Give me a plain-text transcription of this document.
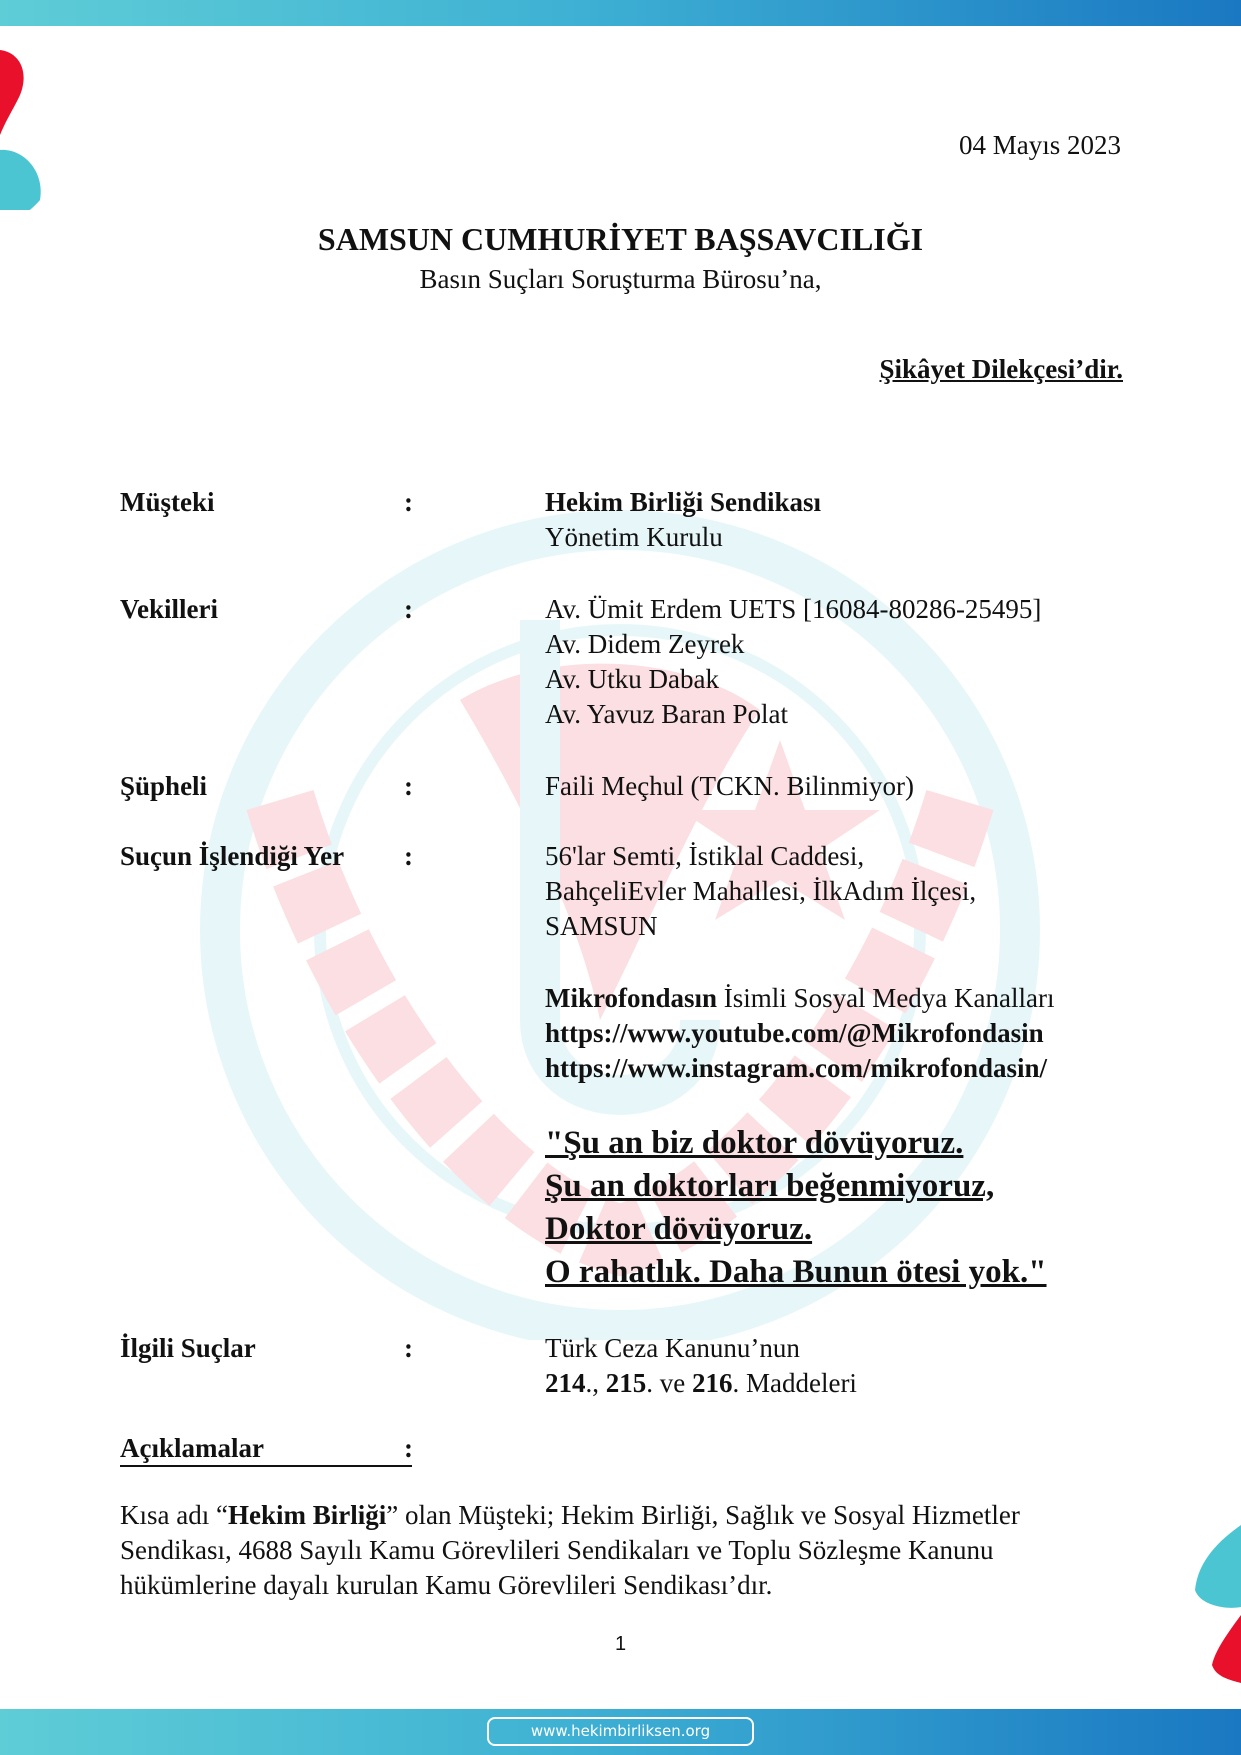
www.hekimbirliksen.org
04 Mayıs 2023
SAMSUN CUMHURİYET BAŞSAVCILIĞI
Basın Suçları Soruşturma Bürosu’na,
Şikâyet Dilekçesi’dir.
Müşteki	:	Hekim Birliği Sendikası
Yönetim Kurulu
Vekilleri	:	Av. Ümit Erdem UETS [16084-80286-25495]
Av. Didem Zeyrek
Av. Utku Dabak
Av. Yavuz Baran Polat
Şüpheli	:	Faili Meçhul (TCKN. Bilinmiyor)
Suçun İşlendiği Yer :	56'lar Semti, İstiklal Caddesi,
BahçeliEvler Mahallesi, İlkAdım İlçesi,
SAMSUN
Mikrofondasın İsimli Sosyal Medya Kanalları
https://www.youtube.com/@Mikrofondasin
https://www.instagram.com/mikrofondasin/
"Şu an biz doktor dövüyoruz.
Şu an doktorları beğenmiyoruz,
Doktor dövüyoruz.
O rahatlık. Daha Bunun ötesi yok."
İlgili Suçlar	:	Türk Ceza Kanunu’nun
214., 215. ve 216. Maddeleri
Açıklamalar	:
Kısa adı “Hekim Birliği” olan Müşteki; Hekim Birliği, Sağlık ve Sosyal Hizmetler Sendikası, 4688 Sayılı Kamu Görevlileri Sendikaları ve Toplu Sözleşme Kanunu hükümlerine dayalı kurulan Kamu Görevlileri Sendikası’dır.
1
